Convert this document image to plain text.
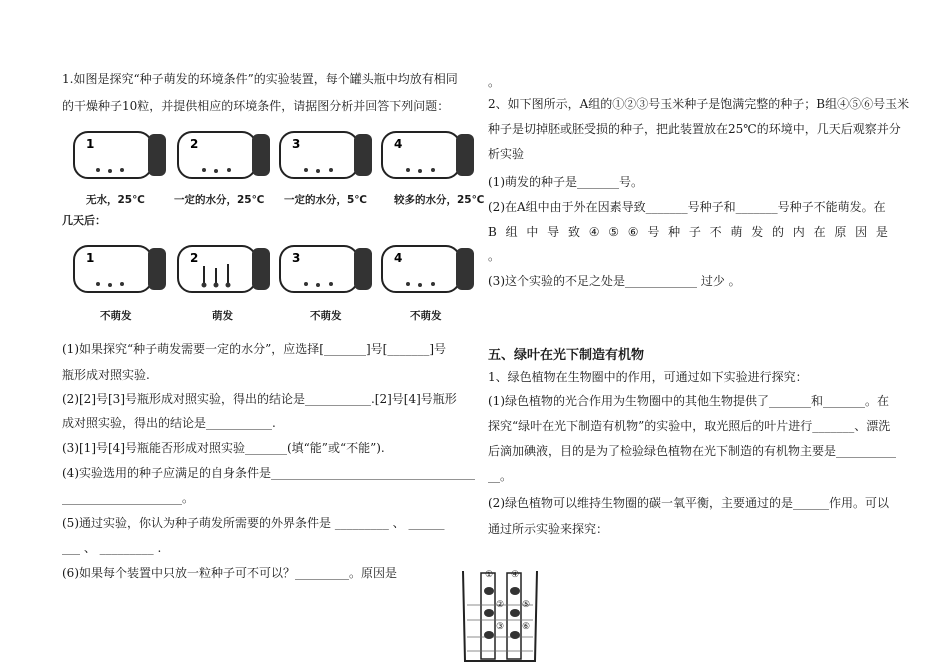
1.如图是探究“种子萌发的环境条件”的实验装置，每个罐头瓶中均放有相同
的干燥种子10粒，并提供相应的环境条件，请据图分析并回答下列问题：
1	2	3	4
无水，25℃	一定的水分，25℃ 一定的水分，5℃	较多的水分，25℃
几天后：
1	2	3	4
不萌发	萌发	不萌发	不萌发
(1)如果探究“种子萌发需要一定的水分”，应选择[_______]号[_______]号
瓶形成对照实验.
(2)[2]号[3]号瓶形成对照实验，得出的结论是___________.[2]号[4]号瓶形
成对照实验，得出的结论是___________.
(3)[1]号[4]号瓶能否形成对照实验_______(填“能”或“不能”).
(4)实验选用的种子应满足的自身条件是__________________________________
____________________。
(5)通过实验，你认为种子萌发所需要的外界条件是 _________ 、 ______
___ 、 _________ .
(6)如果每个装置中只放一粒种子可不可以？_________。原因是
。
2、如下图所示，A组的①②③号玉米种子是饱满完整的种子；B组④⑤⑥号玉米
种子是切掉胚或胚受损的种子，把此装置放在25℃的环境中，几天后观察并分
析实验
(1)萌发的种子是_______号。
(2)在A组中由于外在因素导致_______号种子和_______号种子不能萌发。在
B 组 中 导 致 ④ ⑤ ⑥ 号 种 子 不 萌 发 的 内 在 原 因 是
。
(3)这个实验的不足之处是____________ 过少 。
五、绿叶在光下制造有机物
1、绿色植物在生物圈中的作用，可通过如下实验进行探究：
(1)绿色植物的光合作用为生物圈中的其他生物提供了_______和_______。在
探究“绿叶在光下制造有机物”的实验中，取光照后的叶片进行_______、漂洗
后滴加碘液，目的是为了检验绿色植物在光下制造的有机物主要是__________
__。
(2)绿色植物可以维持生物圈的碳一氧平衡，主要通过的是______作用。可以
通过所示实验来探究：
①
②
③
④
⑤
⑥
